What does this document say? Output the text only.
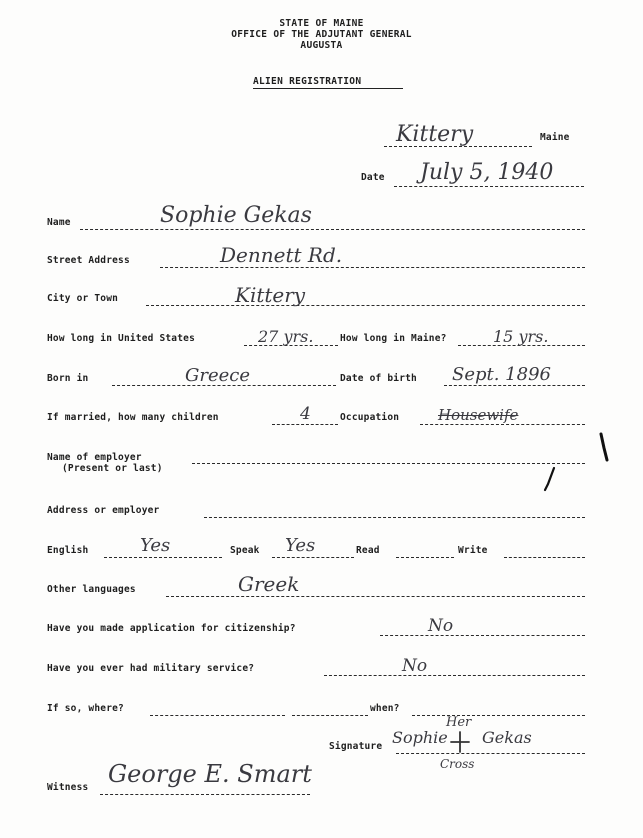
STATE OF MAINE
OFFICE OF THE ADJUTANT GENERAL
AUGUSTA
ALIEN REGISTRATION
Kittery	Maine
Date July 5, 1940
Name	Sophie Gekas
Street Address	Dennett Rd.
City or Town	Kittery
How long in United States	27 yrs.	How long in Maine?	15 yrs.
Born in	Greece	Date of birth Sept. 1896
If married, how many children	4	Occupation	Housewife
Name of employer
(Present or last)
Address or employer
English	Yes	Speak Yes	Read	Write
Other languages	Greek
Have you made application for citizenship?	No
Have you ever had military service?	No
If so, where?	when?
Signature Sophie
Her
Gekas
Cross
Witness George E. Smart
